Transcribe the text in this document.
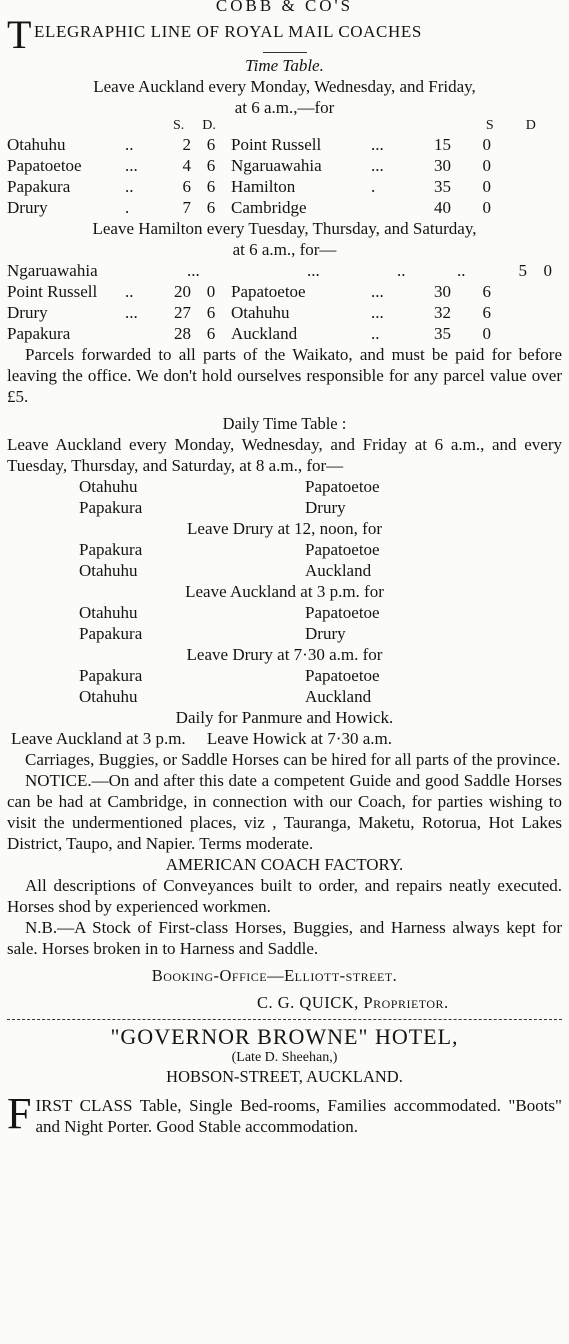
COBB & CO'S
TELEGRAPHIC LINE OF ROYAL MAIL COACHES
Time Table.
Leave Auckland every Monday, Wednesday, and Friday,
at 6 a.m.,—for
S. D.	S D
Otahuhu	..	2 6 Point Russell	...	15	0
Papatoetoe	...	4 6 Ngaruawahia	...	30	0
Papakura	..	6 6 Hamilton	.	35	0
Drury	.	7 6 Cambridge	40	0
Leave Hamilton every Tuesday, Thursday, and Saturday,
at 6 a.m., for—
Ngaruawahia	...	...	..	..	5 0
Point Russell	..	20 0 Papatoetoe	...	30	6
Drury	...	27 6 Otahuhu	...	32	6
Papakura	28 6 Auckland	..	35	0
Parcels forwarded to all parts of the Waikato, and must be paid for before leaving the office. We don't hold ourselves responsible for any parcel value over £5.
Daily Time Table :
Leave Auckland every Monday, Wednesday, and Friday at 6 a.m., and every Tuesday, Thursday, and Saturday, at 8 a.m., for—
Otahuhu	Papatoetoe
Papakura	Drury
Leave Drury at 12, noon, for
Papakura	Papatoetoe
Otahuhu	Auckland
Leave Auckland at 3 p.m. for
Otahuhu	Papatoetoe
Papakura	Drury
Leave Drury at 7·30 a.m. for
Papakura	Papatoetoe
Otahuhu	Auckland
Daily for Panmure and Howick.
Leave Auckland at 3 p.m.     Leave Howick at 7·30 a.m.
Carriages, Buggies, or Saddle Horses can be hired for all parts of the province.
NOTICE.—On and after this date a competent Guide and good Saddle Horses can be had at Cambridge, in connection with our Coach, for parties wishing to visit the undermentioned places, viz , Tauranga, Maketu, Rotorua, Hot Lakes District, Taupo, and Napier. Terms moderate.
AMERICAN COACH FACTORY.
All descriptions of Conveyances built to order, and repairs neatly executed. Horses shod by experienced workmen.
N.B.—A Stock of First-class Horses, Buggies, and Harness always kept for sale. Horses broken in to Harness and Saddle.
Booking-Office—Elliott-street.
C. G. QUICK, Proprietor.
"GOVERNOR BROWNE" HOTEL,
(Late D. Sheehan,)
HOBSON-STREET, AUCKLAND.
FIRST CLASS Table, Single Bed-rooms, Families accommodated. "Boots" and Night Porter. Good Stable accommodation.
